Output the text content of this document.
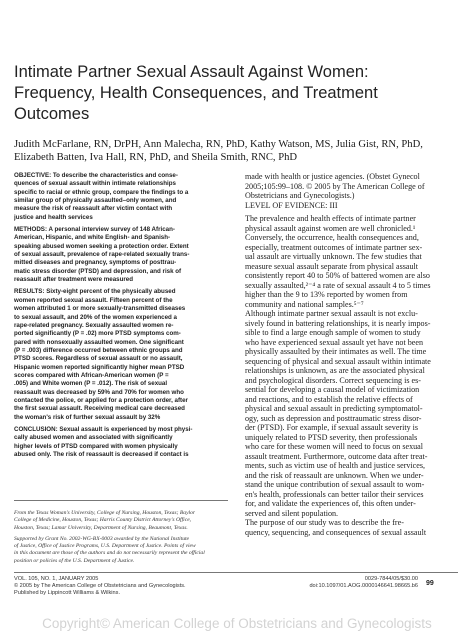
Intimate Partner Sexual Assault Against Women:
Frequency, Health Consequences, and Treatment
Outcomes
Judith McFarlane, RN, DrPH, Ann Malecha, RN, PhD, Kathy Watson, MS, Julia Gist, RN, PhD,
Elizabeth Batten, Iva Hall, RN, PhD, and Sheila Smith, RNC, PhD
OBJECTIVE: To describe the characteristics and conse-
quences of sexual assault within intimate relationships
specific to racial or ethnic group, compare the findings to a
similar group of physically assaulted–only women, and
measure the risk of reassault after victim contact with
justice and health services
METHODS: A personal interview survey of 148 African-
American, Hispanic, and white English- and Spanish-
speaking abused women seeking a protection order. Extent
of sexual assault, prevalence of rape-related sexually trans-
mitted diseases and pregnancy, symptoms of posttrau-
matic stress disorder (PTSD) and depression, and risk of
reassault after treatment were measured
RESULTS: Sixty-eight percent of the physically abused
women reported sexual assault. Fifteen percent of the
women attributed 1 or more sexually-transmitted diseases
to sexual assault, and 20% of the women experienced a
rape-related pregnancy. Sexually assaulted women re-
ported significantly (P = .02) more PTSD symptoms com-
pared with nonsexually assaulted women. One significant
(P = .003) difference occurred between ethnic groups and
PTSD scores. Regardless of sexual assault or no assault,
Hispanic women reported significantly higher mean PTSD
scores compared with African-American women (P =
.005) and White women (P = .012). The risk of sexual
reassault was decreased by 59% and 70% for women who
contacted the police, or applied for a protection order, after
the first sexual assault. Receiving medical care decreased
the woman's risk of further sexual assault by 32%
CONCLUSION: Sexual assault is experienced by most physi-
cally abused women and associated with significantly
higher levels of PTSD compared with women physically
abused only. The risk of reassault is decreased if contact is
made with health or justice agencies. (Obstet Gynecol
2005;105:99–108. © 2005 by The American College of
Obstetricians and Gynecologists.)
LEVEL OF EVIDENCE: III
The prevalence and health effects of intimate partner
physical assault against women are well chronicled.¹
Conversely, the occurrence, health consequences and,
especially, treatment outcomes of intimate partner sex-
ual assault are virtually unknown. The few studies that
measure sexual assault separate from physical assault
consistently report 40 to 50% of battered women are also
sexually assaulted,²⁻⁴ a rate of sexual assault 4 to 5 times
higher than the 9 to 13% reported by women from
community and national samples.⁵⁻⁷
Although intimate partner sexual assault is not exclu-
sively found in battering relationships, it is nearly impos-
sible to find a large enough sample of women to study
who have experienced sexual assault yet have not been
physically assaulted by their intimates as well. The time
sequencing of physical and sexual assault within intimate
relationships is unknown, as are the associated physical
and psychological disorders. Correct sequencing is es-
sential for developing a causal model of victimization
and reactions, and to establish the relative effects of
physical and sexual assault in predicting symptomatol-
ogy, such as depression and posttraumatic stress disor-
der (PTSD). For example, if sexual assault severity is
uniquely related to PTSD severity, then professionals
who care for these women will need to focus on sexual
assault treatment. Furthermore, outcome data after treat-
ments, such as victim use of health and justice services,
and the risk of reassault are unknown. When we under-
stand the unique contribution of sexual assault to wom-
en's health, professionals can better tailor their services
for, and validate the experiences of, this often under-
served and silent population.
The purpose of our study was to describe the fre-
quency, sequencing, and consequences of sexual assault
From the Texas Woman's University, College of Nursing, Houston, Texas; Baylor
College of Medicine, Houston, Texas; Harris County District Attorney's Office,
Houston, Texas; Lamar University, Department of Nursing, Beaumont, Texas.
Supported by Grant No. 2002-WG-BX-0003 awarded by the National Institute
of Justice, Office of Justice Programs, U.S. Department of Justice. Points of view
in this document are those of the authors and do not necessarily represent the official
position or policies of the U.S. Department of Justice.
VOL. 105, NO. 1, JANUARY 2005
© 2005 by The American College of Obstetricians and Gynecologists.
Published by Lippincott Williams & Wilkins.
0029-7844/05/$30.00
doi:10.1097/01.AOG.0000146641.98665.b6 99
Copyright© American College of Obstetricians and Gynecologists
